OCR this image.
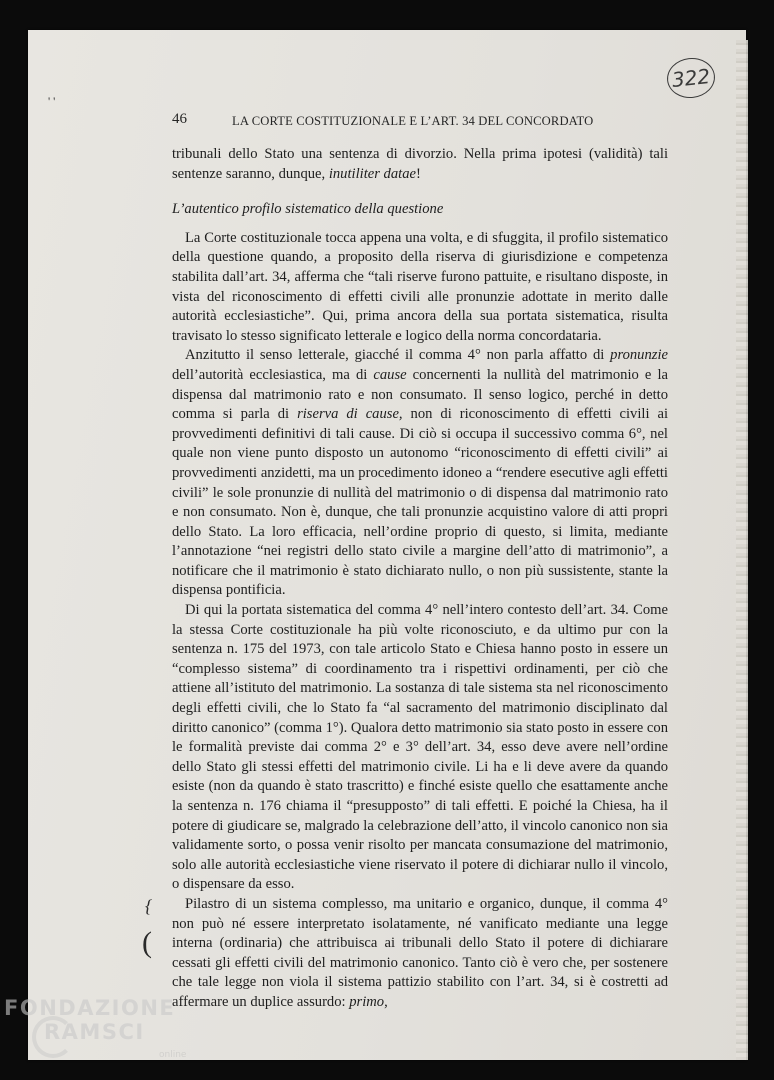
322
' '
46	LA CORTE COSTITUZIONALE E L’ART. 34 DEL CONCORDATO

tribunali dello Stato una sentenza di divorzio. Nella prima ipotesi (validità) tali sentenze saranno, dunque, inutiliter datae!

L’autentico profilo sistematico della questione

La Corte costituzionale tocca appena una volta, e di sfuggita, il profilo sistematico della questione quando, a proposito della riserva di giurisdizione e competenza stabilita dall’art. 34, afferma che “tali riserve furono pattuite, e risultano disposte, in vista del riconoscimento di effetti civili alle pronunzie adottate in merito dalle autorità ecclesiastiche”. Qui, prima ancora della sua portata sistematica, risulta travisato lo stesso significato letterale e logico della norma concordataria.

Anzitutto il senso letterale, giacché il comma 4° non parla affatto di pronunzie dell’autorità ecclesiastica, ma di cause concernenti la nullità del matrimonio e la dispensa dal matrimonio rato e non consumato. Il senso logico, perché in detto comma si parla di riserva di cause, non di riconoscimento di effetti civili ai provvedimenti definitivi di tali cause. Di ciò si occupa il successivo comma 6°, nel quale non viene punto disposto un autonomo “riconoscimento di effetti civili” ai provvedimenti anzidetti, ma un procedimento idoneo a “rendere esecutive agli effetti civili” le sole pronunzie di nullità del matrimonio o di dispensa dal matrimonio rato e non consumato. Non è, dunque, che tali pronunzie acquistino valore di atti propri dello Stato. La loro efficacia, nell’ordine proprio di questo, si limita, mediante l’annotazione “nei registri dello stato civile a margine dell’atto di matrimonio”, a notificare che il matrimonio è stato dichiarato nullo, o non più sussistente, stante la dispensa pontificia.

Di qui la portata sistematica del comma 4° nell’intero contesto dell’art. 34. Come la stessa Corte costituzionale ha più volte riconosciuto, e da ultimo pur con la sentenza n. 175 del 1973, con tale articolo Stato e Chiesa hanno posto in essere un “complesso sistema” di coordinamento tra i rispettivi ordinamenti, per ciò che attiene all’istituto del matrimonio. La sostanza di tale sistema sta nel riconoscimento degli effetti civili, che lo Stato fa “al sacramento del matrimonio disciplinato dal diritto canonico” (comma 1°). Qualora detto matrimonio sia stato posto in essere con le formalità previste dai comma 2° e 3° dell’art. 34, esso deve avere nell’ordine dello Stato gli stessi effetti del matrimonio civile. Li ha e li deve avere da quando esiste (non da quando è stato trascritto) e finché esiste quello che esattamente anche la sentenza n. 176 chiama il “presupposto” di tali effetti. E poiché la Chiesa, ha il potere di giudicare se, malgrado la celebrazione dell’atto, il vincolo canonico non sia validamente sorto, o possa venir risolto per mancata consumazione del matrimonio, solo alle autorità ecclesiastiche viene riservato il potere di dichiarar nullo il vincolo, o dispensare da esso.

Pilastro di un sistema complesso, ma unitario e organico, dunque, il comma 4° non può né essere interpretato isolatamente, né vanificato mediante una legge interna (ordinaria) che attribuisca ai tribunali dello Stato il potere di dichiarare cessati gli effetti civili del matrimonio canonico. Tanto ciò è vero che, per sostenere che tale legge non viola il sistema pattizio stabilito con l’art. 34, si è costretti ad affermare un duplice assurdo: primo,

{
(
FONDAZIONE
RAMSCI
online
